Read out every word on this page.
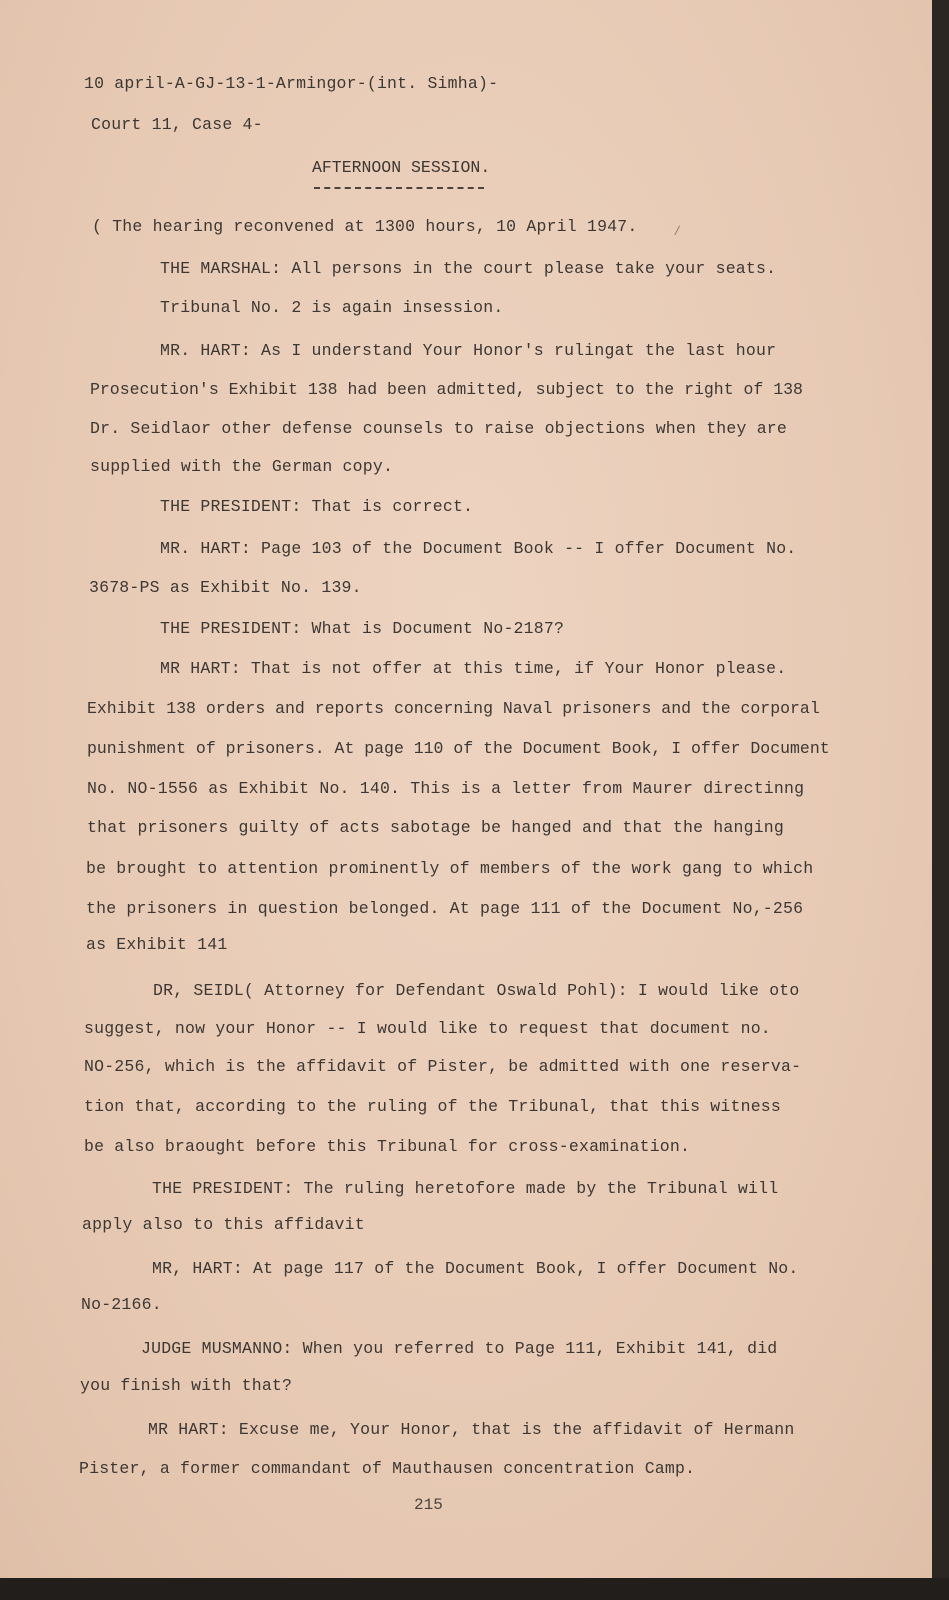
10 april-A-GJ-13-1-Armingor-(int. Simha)-
Court 11, Case 4-
AFTERNOON SESSION.
( The hearing reconvened at 1300 hours, 10 April 1947.	∕
THE MARSHAL: All persons in the court please take your seats.
Tribunal No. 2 is again insession.
MR. HART: As I understand Your Honor's rulingat the last hour
Prosecution's Exhibit 138 had been admitted, subject to the right of 138
Dr. Seidlaor other defense counsels to raise objections when they are
supplied with the German copy.
THE PRESIDENT: That is correct.
MR. HART: Page 103 of the Document Book -- I offer Document No.
3678-PS as Exhibit No. 139.
THE PRESIDENT: What is Document No-2187?
MR HART: That is not offer at this time, if Your Honor please.
Exhibit 138 orders and reports concerning Naval prisoners and the corporal
punishment of prisoners. At page 110 of the Document Book, I offer Document
No. NO-1556 as Exhibit No. 140. This is a letter from Maurer directinng
that prisoners guilty of acts sabotage be hanged and that the hanging
be brought to attention prominently of members of the work gang to which
the prisoners in question belonged. At page 111 of the Document No,-256
as Exhibit 141
DR, SEIDL( Attorney for Defendant Oswald Pohl): I would like oto
suggest, now your Honor -- I would like to request that document no.
NO-256, which is the affidavit of Pister, be admitted with one reserva-
tion that, according to the ruling of the Tribunal, that this witness
be also braought before this Tribunal for cross-examination.
THE PRESIDENT: The ruling heretofore made by the Tribunal will
apply also to this affidavit
MR, HART: At page 117 of the Document Book, I offer Document No.
No-2166.
JUDGE MUSMANNO: When you referred to Page 111, Exhibit 141, did
you finish with that?
MR HART: Excuse me, Your Honor, that is the affidavit of Hermann
Pister, a former commandant of Mauthausen concentration Camp.
215
